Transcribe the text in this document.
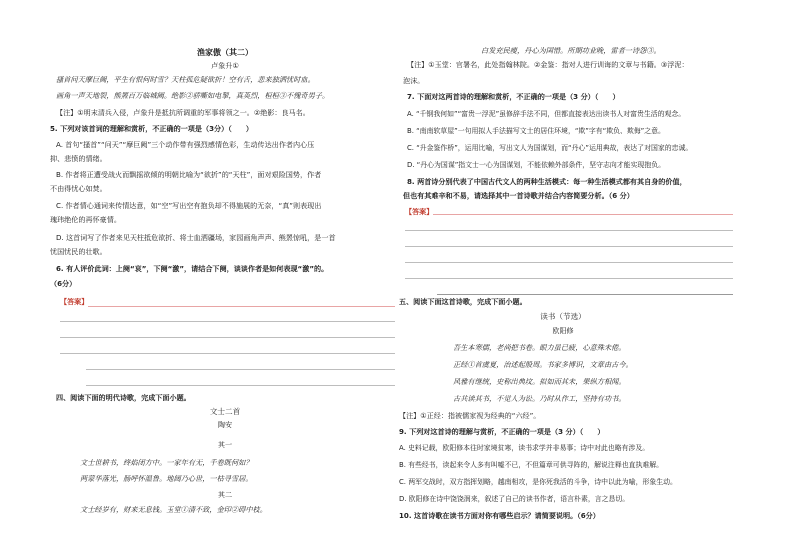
渔家傲（其二）
卢象升①
搔首问天摩巨阙，平生有恨何时雪？天柱孤危疑欲折！空有舌，悲来独洒忧时血。
画角一声天地裂，熊罴百万临城阙。绝影②骄嘶如电掣，真英烈，桓桓③不愧奇男子。
【注】①明末清兵入侵，卢象升是抵抗所调重的军事将领之一。②绝影：良马名。
5. 下列对该首词的理解和赏析，不正确的一项是（3分）（　　）
A. 首句“搔首”“问天”“摩巨阙”三个动作带有强烈感情色彩，生动传达出作者内心压
抑、悲愤的情绪。
B. 作者将正遭受战火而飘摇欲倾的明朝比喻为“欲折”的“天柱”，面对艰险国势，作者
不由得忧心如焚。
C. 作者情心通词来传情达意，如“空”写出空有抱负却不得施展的无奈，“真”则表现出
瑰玮绝伦的再怀豪情。
D. 这首词写了作者来见天柱抵危欲折、将士血洒疆场，家园画角声声、熊罴惊吼，是一首
忧国忧民的壮歌。
6. 有人评价此词：上阕“哀”，下阕“激”，请结合下阕，谈谈作者是如何表现“激”的。
（6分）
【答案】
四、阅读下面的明代诗歌，完成下面小题。
文士二首
陶安
其一
文士世耕书，终焰闭方中。一家年有无，千卷既何如？
两蒙华落光，肠呼怀温鲁。地阔乃心世，一枯寻雪居。
其二
文士经岁有，财来无息钱。玉堂①清不致，金印②碍中枝。
白发充民瘦，丹心为国惜。所期功业晚，雷者一诗怨③。
【注】①玉堂：官署名，此处指翰林院。②金鉴：指对人进行训诲的文章与书籍。③浮泥：
泡沫。
7. 下面对这两首诗的理解和赏析，不正确的一项是（3 分）（　　）
A. “千钢我何如”“富贵一浮泥”虽修辞手法不同，但都直接表达出读书人对富贵生活的观念。
B. “南南软草屋”一句用拟人手法描写文士的居住环境，“欺”字有“欺负、欺侮”之意。
C. “升金鉴作桥”，运用比喻，写出文人为国谋划，而“丹心”运用典故，表达了对国家的忠诚。
D. “丹心为国谋”指文士一心为国谋划，不能依赖外部条件，坚守志向才能实现抱负。
8. 两首诗分别代表了中国古代文人的两种生活模式：每一种生活模式都有其自身的价值，
但也有其难辛和不易，请选择其中一首诗歌并结合内容简要分析。（6 分）
【答案】
五、阅读下面这首诗歌，完成下面小题。
读书（节选）
欧阳修
吾生本寒儒，老尚把书卷。眼力虽已疲，心意殊未倦。
正经①首虞夏，治述起殷周。书家多博识，文章由古今。
风雅有继统，史称出典坟。拟如而其未，果纵方相闻。
古共读其书，不觉人为讼。乃时从作工，坚持有功书。
【注】①正经：指被儒家视为经典的“六经”。
9. 下列对这首诗的理解与赏析，不正确的一项是（3 分）（　　）
A. 史料记载，欧阳修本往时家境贫寒，读书求学并非易事；诗中对此也略有涉及。
B. 有些经书，读起来令人多有叫嘘不已，不但篇章可供寻阵的，解说注释也直执难解。
C. 两军交战时，双方指挥划略，越南相攻，是你死我活的斗争，诗中以此为喻，形象生动。
D. 欧阳修在诗中饶饶润来，叙述了自己的读书作者，语言朴素，言之恳切。
10. 这首诗歌在读书方面对你有哪些启示？请简要说明。（6分）
